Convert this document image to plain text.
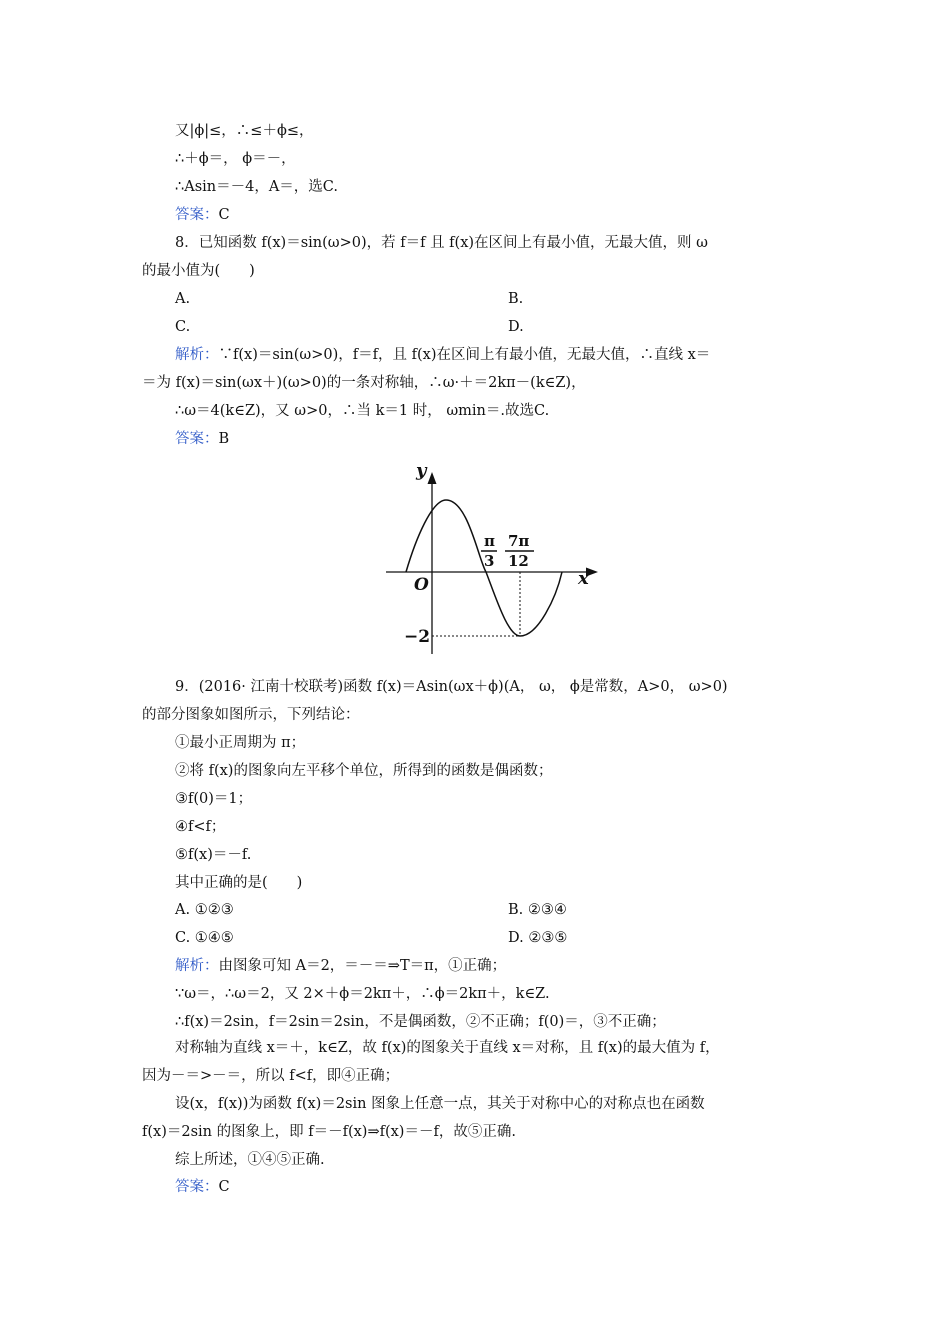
又|ϕ|≤，∴≤＋ϕ≤，
∴＋ϕ＝， ϕ＝－，
∴Asin＝－4，A＝，选C.
答案：C
8．已知函数 f(x)＝sin(ω>0)，若 f＝f 且 f(x)在区间上有最小值，无最大值，则 ω
的最小值为(　　)
A.	B.
C.	D.
解析：∵f(x)＝sin(ω>0)，f＝f，且 f(x)在区间上有最小值，无最大值，∴直线 x＝
＝为 f(x)＝sin(ωx＋)(ω>0)的一条对称轴，∴ω·＋＝2kπ－(k∈Z)，
∴ω＝4(k∈Z)，又 ω>0，∴当 k＝1 时， ωmin＝.故选C.
答案：B
9．(2016· 江南十校联考)函数 f(x)＝Asin(ωx＋ϕ)(A， ω， ϕ是常数，A>0， ω>0)
的部分图象如图所示，下列结论：
①最小正周期为 π；
②将 f(x)的图象向左平移个单位，所得到的函数是偶函数；
③f(0)＝1；
④f<f；
⑤f(x)＝－f.
其中正确的是(　　)
A. ①②③	B. ②③④
C. ①④⑤	D. ②③⑤
解析：由图象可知 A＝2，＝－＝⇒T＝π，①正确；
∵ω＝，∴ω＝2，又 2×＋ϕ＝2kπ＋，∴ϕ＝2kπ＋，k∈Z.
∴f(x)＝2sin，f＝2sin＝2sin，不是偶函数，②不正确；f(0)＝，③不正确；
对称轴为直线 x＝＋，k∈Z，故 f(x)的图象关于直线 x＝对称，且 f(x)的最大值为 f，
因为－＝>－＝，所以 f<f，即④正确；
设(x，f(x))为函数 f(x)＝2sin 图象上任意一点，其关于对称中心的对称点也在函数
f(x)＝2sin 的图象上，即 f＝－f(x)⇒f(x)＝－f，故⑤正确.
综上所述，①④⑤正确.
答案：C
y
x
O
π
3
7π
12
−2
